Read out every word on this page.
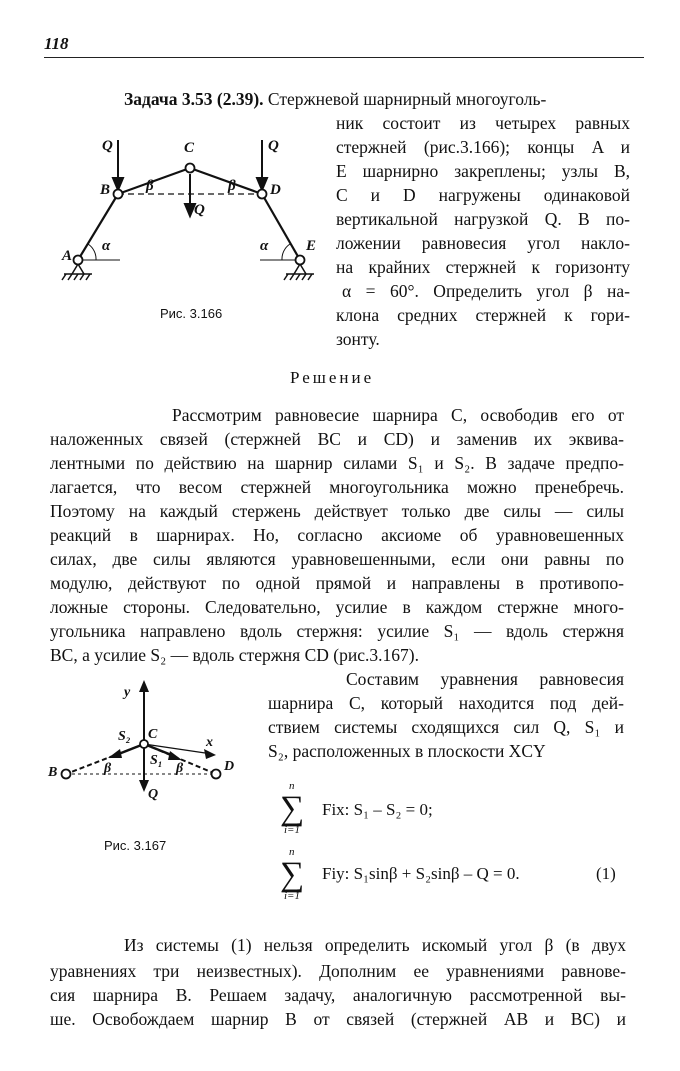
118
Задача 3.53 (2.39). Стержневой шарнирный многоуголь-
ник состоит из четырех равных
стержней (рис.3.166); концы A и
E шарнирно закреплены; узлы B,
C и D нагружены одинаковой
вертикальной нагрузкой Q. В по-
ложении равновесия угол накло-
на крайних стержней к горизонту
α = 60°. Определить угол β на-
клона средних стержней к гори-
зонту.
Q	Q
Q
C
B	D
A
E
α	α
β	β
Рис. 3.166
Решение
Рассмотрим равновесие шарнира C, освободив его от
наложенных связей (стержней BC и CD) и заменив их эквива-
лентными по действию на шарнир силами S₁ и S₂. В задаче предпо-
лагается, что весом стержней многоугольника можно пренебречь.
Поэтому на каждый стержень действует только две силы — силы
реакций в шарнирах. Но, согласно аксиоме об уравновешенных
силах, две силы являются уравновешенными, если они равны по
модулю, действуют по одной прямой и направлены в противопо-
ложные стороны. Следовательно, усилие в каждом стержне много-
угольника направлено вдоль стержня: усилие S₁ — вдоль стержня
BC, а усилие S₂ — вдоль стержня CD (рис.3.167).
Составим уравнения равновесия
шарнира C, который находится под дей-
ствием системы сходящихся сил Q, S₁ и
S₂, расположенных в плоскости XCY
y
x
C
B	D
S₂
S₁
Q
β	β
Рис. 3.167
n
∑
i=1
Fix: S₁ – S₂ = 0;
n
∑
i=1
Fiy: S₁sinβ + S₂sinβ – Q = 0.	(1)
Из системы (1) нельзя определить искомый угол β (в двух
уравнениях три неизвестных). Дополним ее уравнениями равнове-
сия шарнира B. Решаем задачу, аналогичную рассмотренной вы-
ше. Освобождаем шарнир B от связей (стержней AB и BC) и
